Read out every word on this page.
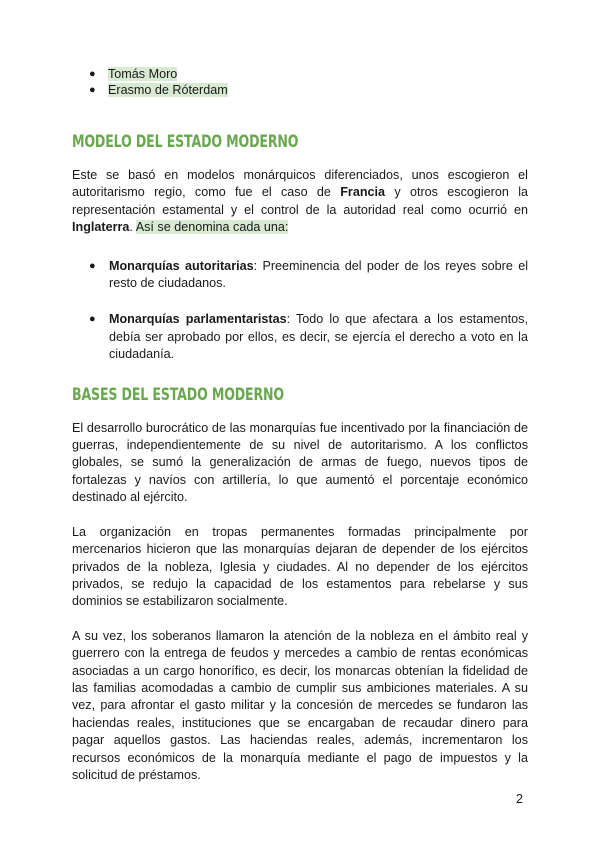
● Tomás Moro
● Erasmo de Róterdam
MODELO DEL ESTADO MODERNO

Este se basó en modelos monárquicos diferenciados, unos escogieron el autoritarismo regio, como fue el caso de Francia y otros escogieron la representación estamental y el control de la autoridad real como ocurrió en Inglaterra. Así se denomina cada una:

● Monarquías autoritarias: Preeminencia del poder de los reyes sobre el resto de ciudadanos.
● Monarquías parlamentaristas: Todo lo que afectara a los estamentos, debía ser aprobado por ellos, es decir, se ejercía el derecho a voto en la ciudadanía.
BASES DEL ESTADO MODERNO

El desarrollo burocrático de las monarquías fue incentivado por la financiación de guerras, independientemente de su nivel de autoritarismo. A los conflictos globales, se sumó la generalización de armas de fuego, nuevos tipos de fortalezas y navíos con artillería, lo que aumentó el porcentaje económico destinado al ejército.

La organización en tropas permanentes formadas principalmente por mercenarios hicieron que las monarquías dejaran de depender de los ejércitos privados de la nobleza, Iglesia y ciudades. Al no depender de los ejércitos privados, se redujo la capacidad de los estamentos para rebelarse y sus dominios se estabilizaron socialmente.

A su vez, los soberanos llamaron la atención de la nobleza en el ámbito real y guerrero con la entrega de feudos y mercedes a cambio de rentas económicas asociadas a un cargo honorífico, es decir, los monarcas obtenían la fidelidad de las familias acomodadas a cambio de cumplir sus ambiciones materiales. A su vez, para afrontar el gasto militar y la concesión de mercedes se fundaron las haciendas reales, instituciones que se encargaban de recaudar dinero para pagar aquellos gastos. Las haciendas reales, además, incrementaron los recursos económicos de la monarquía mediante el pago de impuestos y la solicitud de préstamos.

2
